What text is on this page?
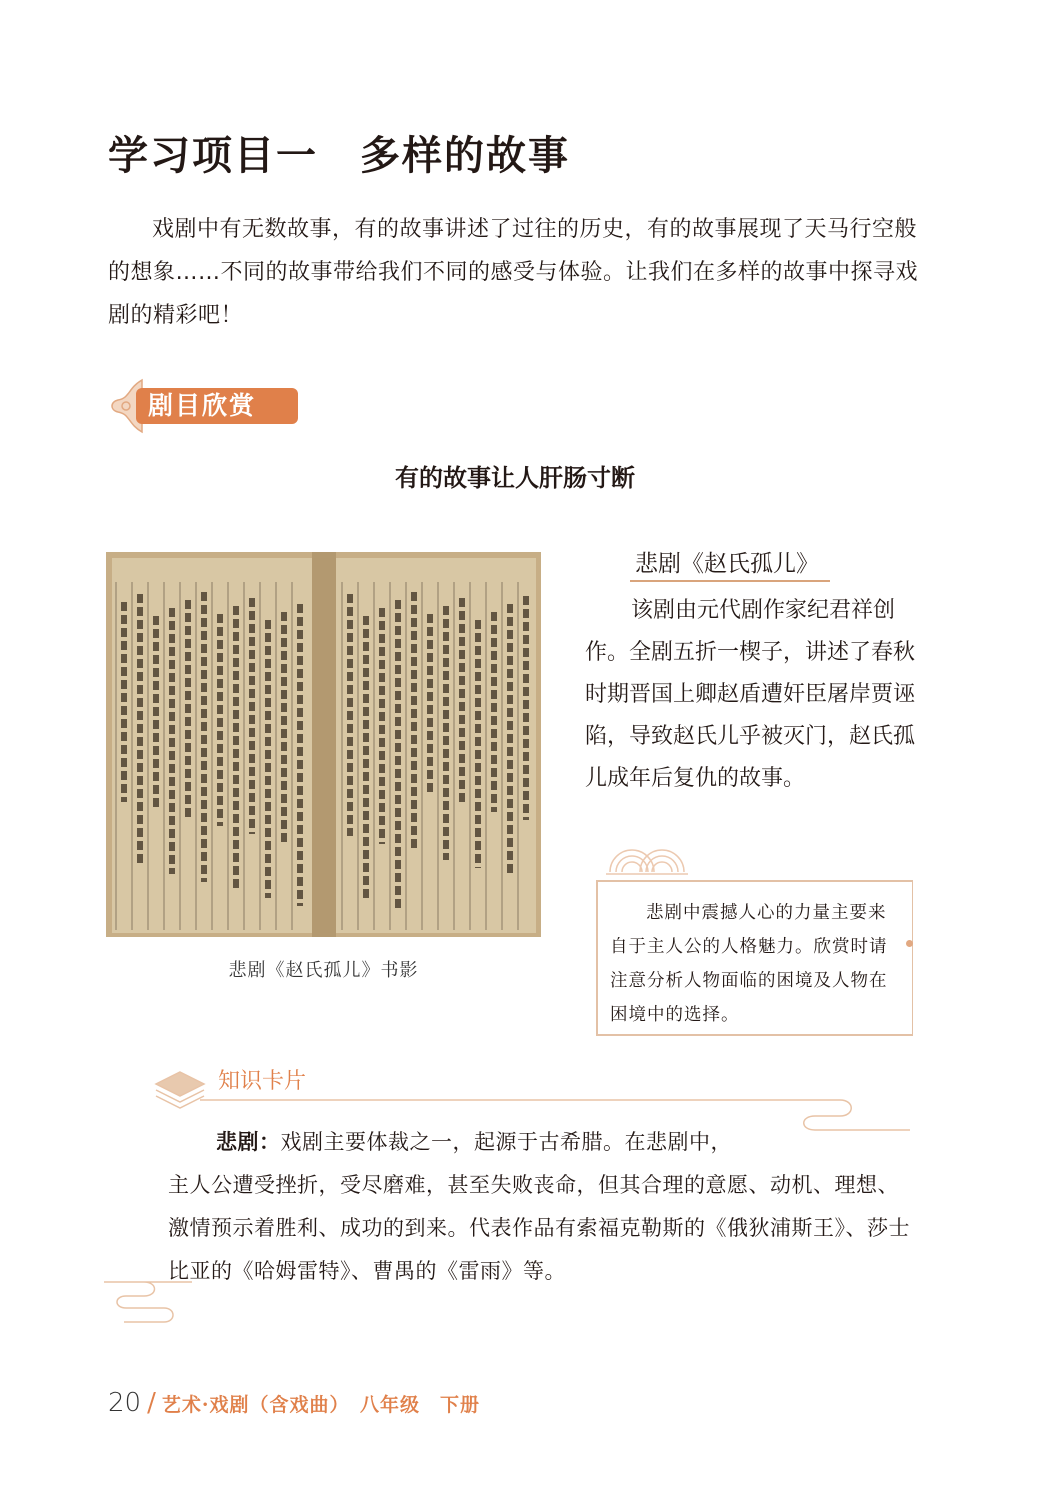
学习项目一　多样的故事
戏剧中有无数故事，有的故事讲述了过往的历史，有的故事展现了天马行空般的想象……不同的故事带给我们不同的感受与体验。让我们在多样的故事中探寻戏剧的精彩吧！
剧目欣赏
有的故事让人肝肠寸断
悲剧《赵氏孤儿》书影
悲剧《赵氏孤儿》
该剧由元代剧作家纪君祥创作。全剧五折一楔子，讲述了春秋时期晋国上卿赵盾遭奸臣屠岸贾诬陷，导致赵氏儿乎被灭门，赵氏孤儿成年后复仇的故事。
悲剧中震撼人心的力量主要来自于主人公的人格魅力。欣赏时请注意分析人物面临的困境及人物在困境中的选择。
知识卡片
悲剧：戏剧主要体裁之一，起源于古希腊。在悲剧中，
主人公遭受挫折，受尽磨难，甚至失败丧命，但其合理的意愿、动机、理想、激情预示着胜利、成功的到来。代表作品有索福克勒斯的《俄狄浦斯王》、莎士比亚的《哈姆雷特》、曹禺的《雷雨》等。
20 / 艺术·戏剧（含戏曲）　八年级　下册
